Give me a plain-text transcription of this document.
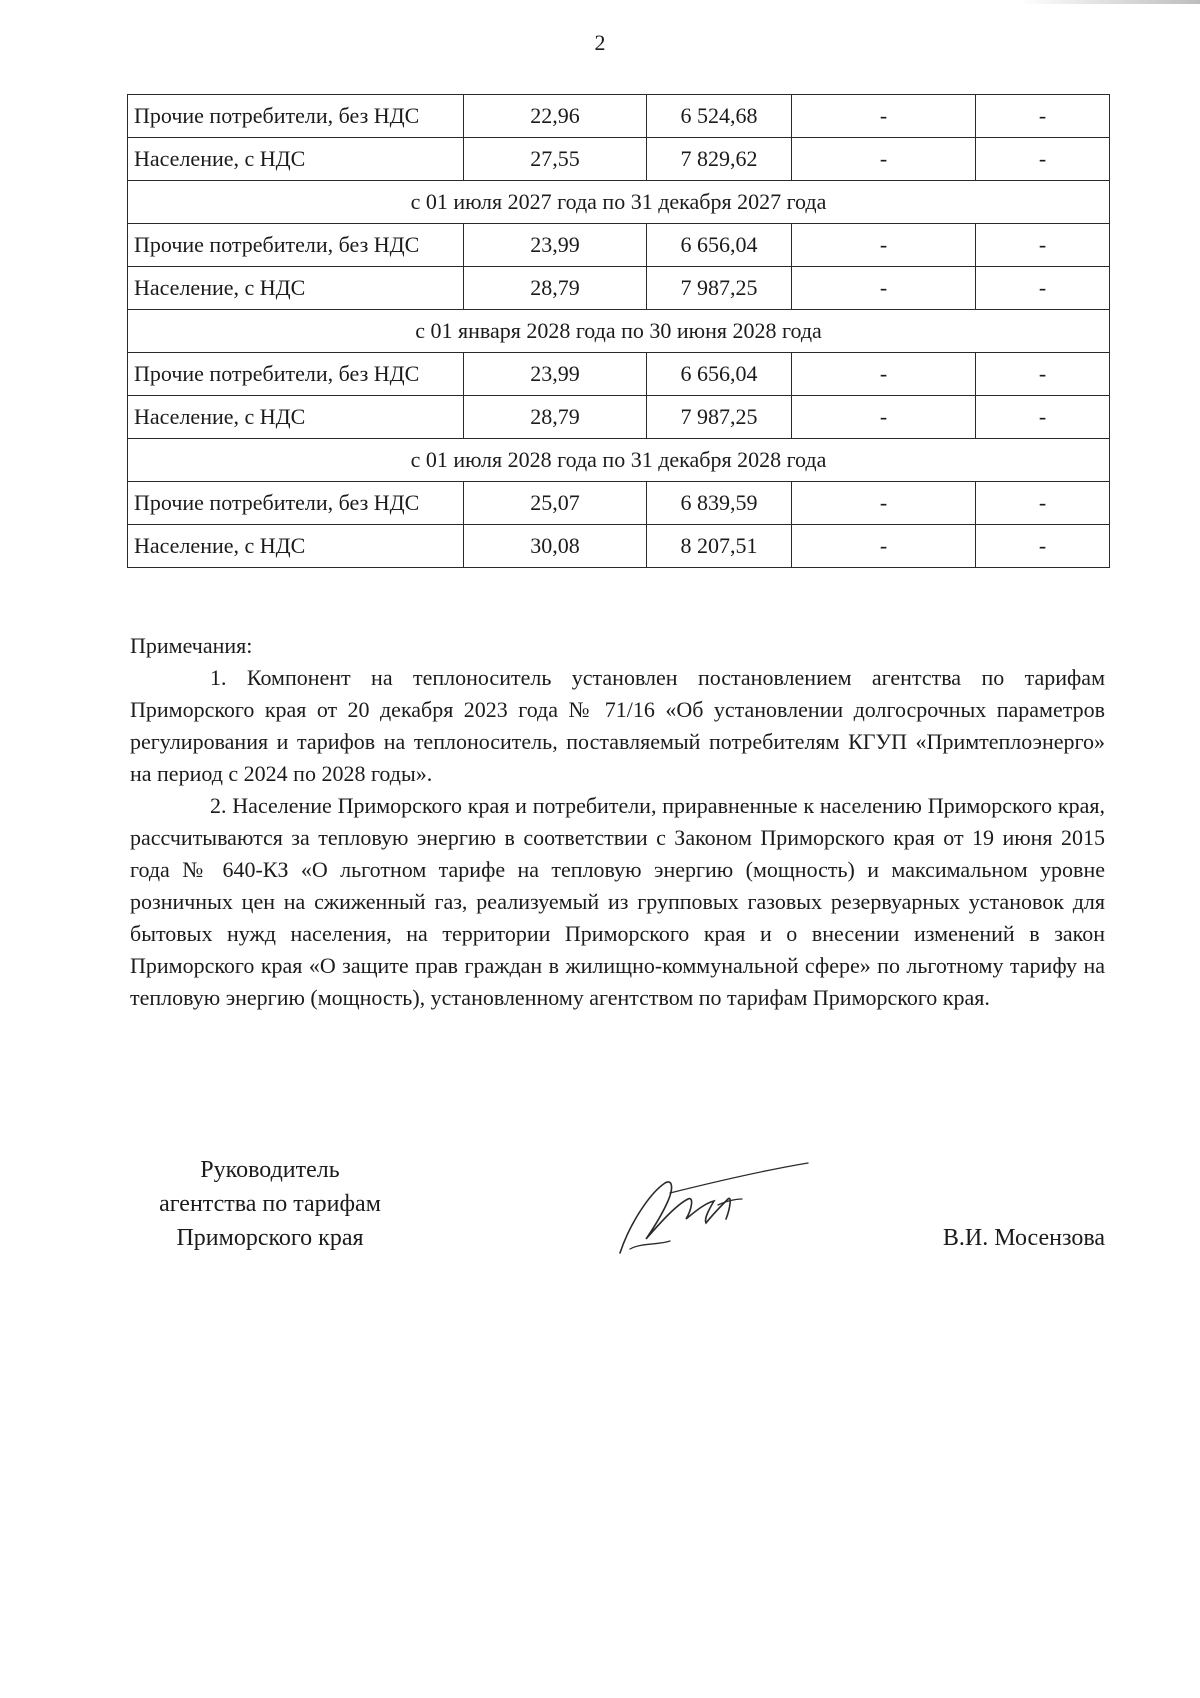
2
Прочие потребители, без НДС	22,96	6 524,68	-	-
Население, с НДС	27,55	7 829,62	-	-
с 01 июля 2027 года по 31 декабря 2027 года				
Прочие потребители, без НДС	23,99	6 656,04	-	-
Население, с НДС	28,79	7 987,25	-	-
с 01 января 2028 года по 30 июня 2028 года				
Прочие потребители, без НДС	23,99	6 656,04	-	-
Население, с НДС	28,79	7 987,25	-	-
с 01 июля 2028 года по 31 декабря 2028 года				
Прочие потребители, без НДС	25,07	6 839,59	-	-
Население, с НДС	30,08	8 207,51	-	-

Примечания:

1. Компонент на теплоноситель установлен постановлением агентства по тарифам Приморского края от 20 декабря 2023 года № 71/16 «Об установлении долгосрочных параметров регулирования и тарифов на теплоноситель, поставляемый потребителям КГУП «Примтеплоэнерго» на период с 2024 по 2028 годы».

2. Население Приморского края и потребители, приравненные к населению Приморского края, рассчитываются за тепловую энергию в соответствии с Законом Приморского края от 19 июня 2015 года № 640-КЗ «О льготном тарифе на тепловую энергию (мощность) и максимальном уровне розничных цен на сжиженный газ, реализуемый из групповых газовых резервуарных установок для бытовых нужд населения, на территории Приморского края и о внесении изменений в закон Приморского края «О защите прав граждан в жилищно-коммунальной сфере» по льготному тарифу на тепловую энергию (мощность), установленному агентством по тарифам Приморского края.

Руководитель
агентства по тарифам
Приморского края	В.И. Мосензова
